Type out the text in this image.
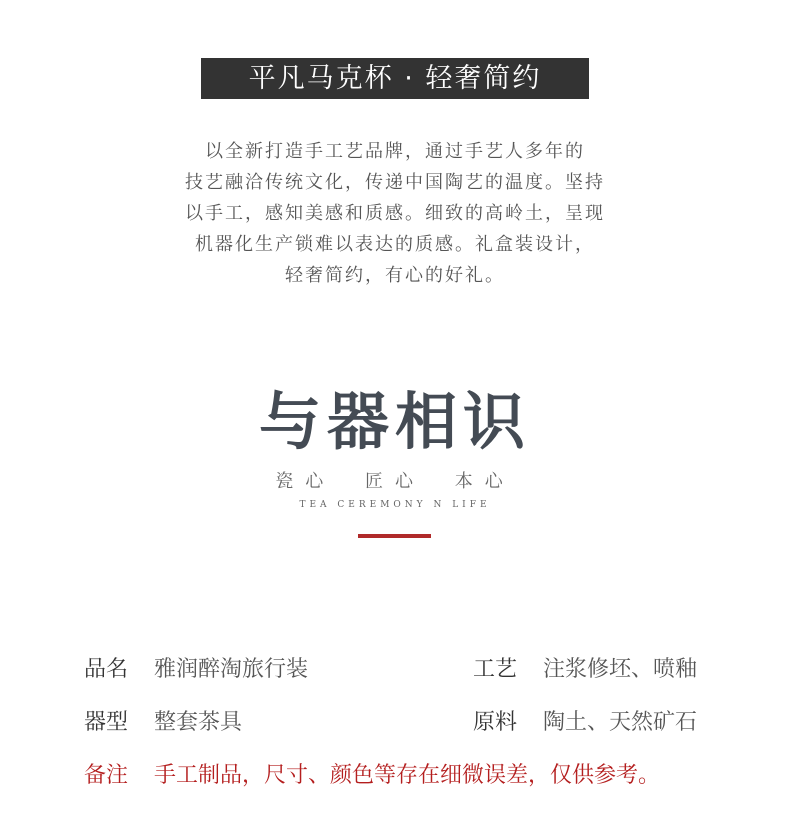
平凡马克杯 · 轻奢简约
以全新打造手工艺品牌，通过手艺人多年的
技艺融洽传统文化，传递中国陶艺的温度。坚持
以手工，感知美感和质感。细致的高岭土，呈现
机器化生产锁难以表达的质感。礼盒装设计，
轻奢简约，有心的好礼。
与器相识
瓷心 匠心 本心
TEA CEREMONY N LIFE
品名 雅润醉淘旅行装	工艺 注浆修坯、喷釉
器型 整套茶具	原料 陶土、天然矿石
备注 手工制品，尺寸、颜色等存在细微误差，仅供参考。
